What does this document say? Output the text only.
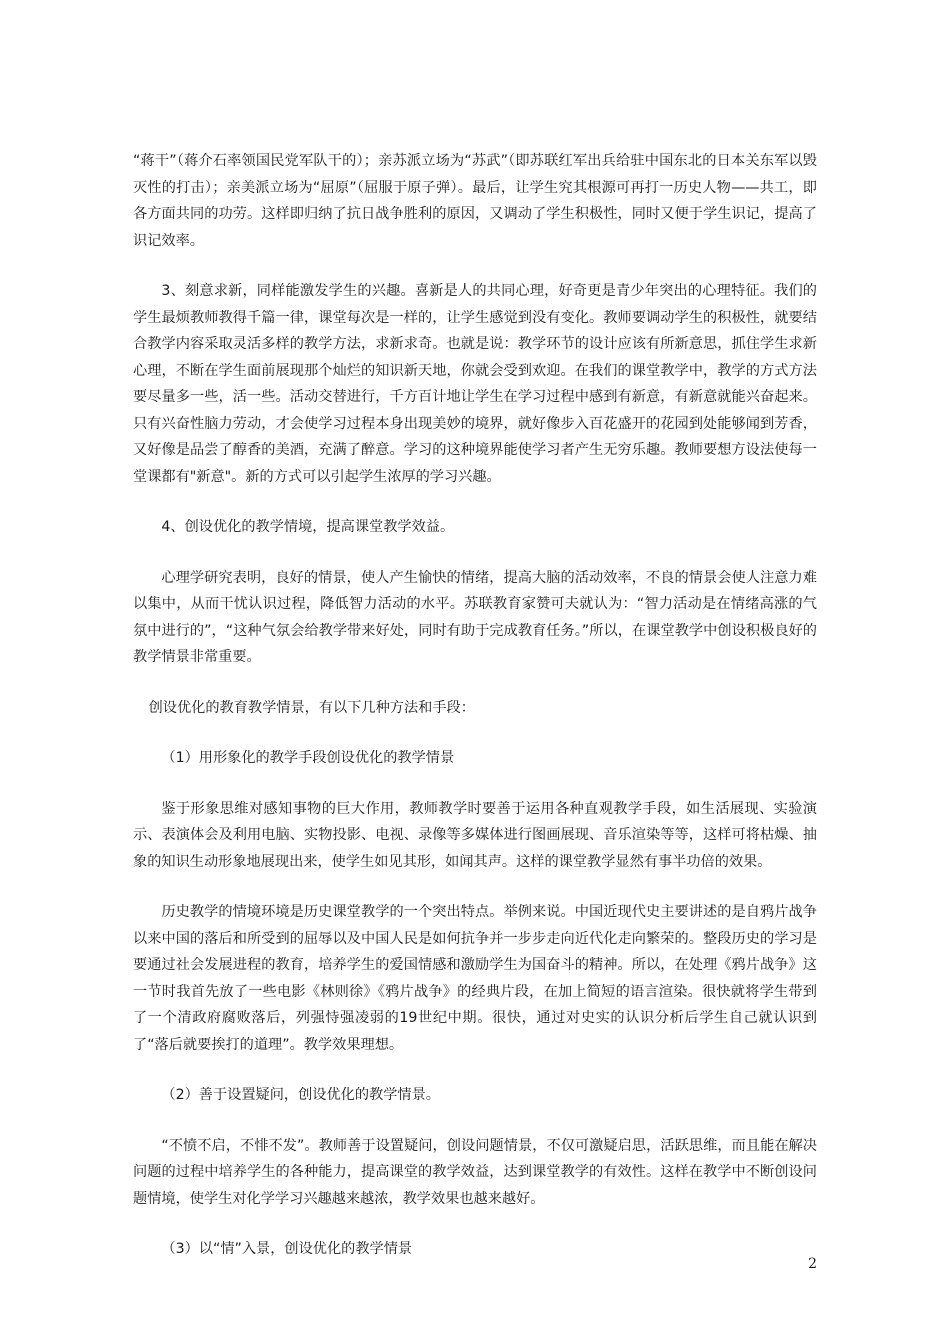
“蒋干”（蒋介石率领国民党军队干的）；亲苏派立场为“苏武”（即苏联红军出兵给驻中国东北的日本关东军以毁灭性的打击）；亲美派立场为“屈原”（屈服于原子弹）。最后，让学生究其根源可再打一历史人物——共工，即各方面共同的功劳。这样即归纳了抗日战争胜利的原因，又调动了学生积极性，同时又便于学生识记，提高了识记效率。

3、刻意求新，同样能激发学生的兴趣。喜新是人的共同心理，好奇更是青少年突出的心理特征。我们的学生最烦教师教得千篇一律，课堂每次是一样的，让学生感觉到没有变化。教师要调动学生的积极性，就要结合教学内容采取灵活多样的教学方法，求新求奇。也就是说：教学环节的设计应该有所新意思，抓住学生求新心理，不断在学生面前展现那个灿烂的知识新天地，你就会受到欢迎。在我们的课堂教学中，教学的方式方法要尽量多一些，活一些。活动交替进行，千方百计地让学生在学习过程中感到有新意，有新意就能兴奋起来。只有兴奋性脑力劳动，才会使学习过程本身出现美妙的境界，就好像步入百花盛开的花园到处能够闻到芳香，又好像是品尝了醇香的美酒，充满了醉意。学习的这种境界能使学习者产生无穷乐趣。教师要想方设法使每一堂课都有"新意"。新的方式可以引起学生浓厚的学习兴趣。

4、创设优化的教学情境，提高课堂教学效益。

心理学研究表明，良好的情景，使人产生愉快的情绪，提高大脑的活动效率，不良的情景会使人注意力难以集中，从而干忧认识过程，降低智力活动的水平。苏联教育家赞可夫就认为：“智力活动是在情绪高涨的气氛中进行的”，“这种气氛会给教学带来好处，同时有助于完成教育任务。”所以，在课堂教学中创设积极良好的教学情景非常重要。

创设优化的教育教学情景，有以下几种方法和手段：

（1）用形象化的教学手段创设优化的教学情景

鉴于形象思维对感知事物的巨大作用，教师教学时要善于运用各种直观教学手段，如生活展现、实验演示、表演体会及利用电脑、实物投影、电视、录像等多媒体进行图画展现、音乐渲染等等，这样可将枯燥、抽象的知识生动形象地展现出来，使学生如见其形，如闻其声。这样的课堂教学显然有事半功倍的效果。

历史教学的情境环境是历史课堂教学的一个突出特点。举例来说。中国近现代史主要讲述的是自鸦片战争以来中国的落后和所受到的屈辱以及中国人民是如何抗争并一步步走向近代化走向繁荣的。整段历史的学习是要通过社会发展进程的教育，培养学生的爱国情感和激励学生为国奋斗的精神。所以，在处理《鸦片战争》这一节时我首先放了一些电影《林则徐》《鸦片战争》的经典片段，在加上简短的语言渲染。很快就将学生带到了一个清政府腐败落后，列强恃强凌弱的19世纪中期。很快，通过对史实的认识分析后学生自己就认识到了“落后就要挨打的道理”。教学效果理想。

（2）善于设置疑问，创设优化的教学情景。

“不愤不启，不悱不发”。教师善于设置疑问，创设问题情景，不仅可激疑启思，活跃思维，而且能在解决问题的过程中培养学生的各种能力，提高课堂的教学效益，达到课堂教学的有效性。这样在教学中不断创设问题情境，使学生对化学学习兴趣越来越浓，教学效果也越来越好。

（3）以“情”入景，创设优化的教学情景

2
